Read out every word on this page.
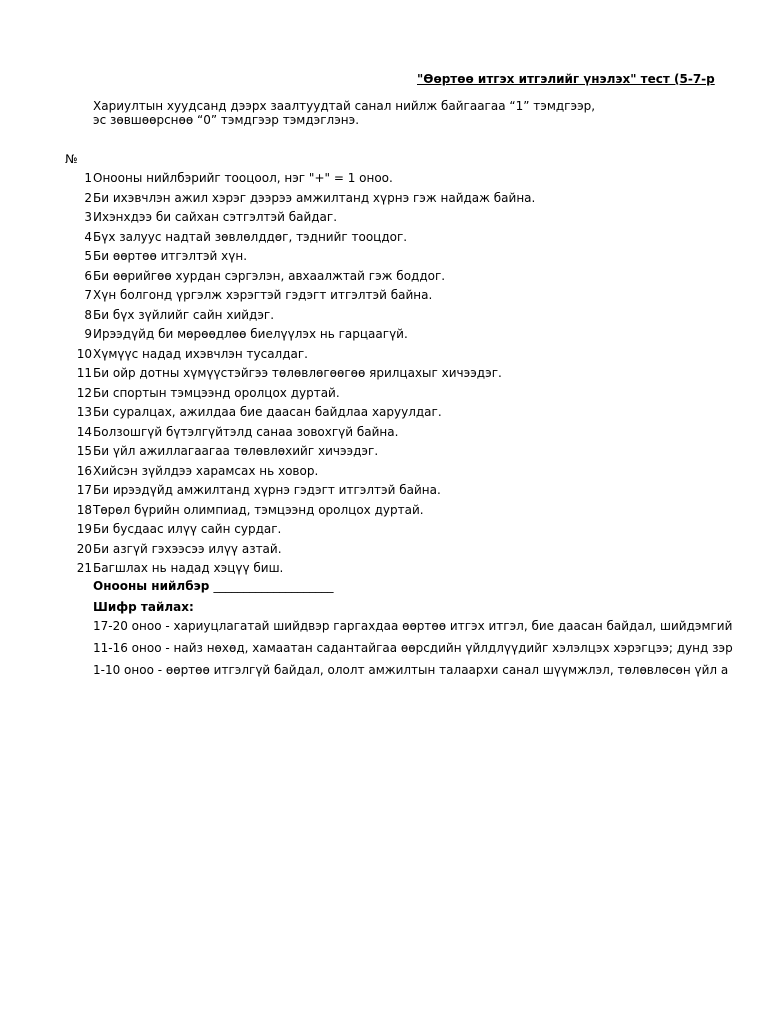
"Өөртөө итгэх итгэлийг үнэлэх" тест (5-7-р
Хариултын хуудсанд дээрх заалтуудтай санал нийлж байгаагаа “1” тэмдгээр,
эс зөвшөөрснөө “0” тэмдгээр тэмдэглэнэ.
№
1 Онооны нийлбэрийг тооцоол, нэг "+" = 1 оноо.
2 Би ихэвчлэн ажил хэрэг дээрээ амжилтанд хүрнэ гэж найдаж байна.
3 Ихэнхдээ би сайхан сэтгэлтэй байдаг.
4 Бүх залуус надтай зөвлөлддөг, тэднийг тооцдог.
5 Би өөртөө итгэлтэй хүн.
6 Би өөрийгөө хурдан сэргэлэн, авхаалжтай гэж боддог.
7 Хүн болгонд үргэлж хэрэгтэй гэдэгт итгэлтэй байна.
8 Би бүх зүйлийг сайн хийдэг.
9 Ирээдүйд би мөрөөдлөө биелүүлэх нь гарцаагүй.
10 Хүмүүс надад ихэвчлэн тусалдаг.
11 Би ойр дотны хүмүүстэйгээ төлөвлөгөөгөө ярилцахыг хичээдэг.
12 Би спортын тэмцээнд оролцох дуртай.
13 Би суралцах, ажилдаа бие даасан байдлаа харуулдаг.
14 Болзошгүй бүтэлгүйтэлд санаа зовохгүй байна.
15 Би үйл ажиллагаагаа төлөвлөхийг хичээдэг.
16 Хийсэн зүйлдээ харамсах нь ховор.
17 Би ирээдүйд амжилтанд хүрнэ гэдэгт итгэлтэй байна.
18 Төрөл бүрийн олимпиад, тэмцээнд оролцох дуртай.
19 Би бусдаас илүү сайн сурдаг.
20 Би азгүй гэхээсээ илүү азтай.
21 Багшлах нь надад хэцүү биш.
Онооны нийлбэр ____________________
Шифр тайлах:
17-20 оноо - хариуцлагатай шийдвэр гаргахдаа өөртөө итгэх итгэл, бие даасан байдал, шийдэмгий
11-16 оноо - найз нөхөд, хамаатан садантайгаа өөрсдийн үйлдлүүдийг хэлэлцэх хэрэгцээ; дунд зэр
1-10 оноо - өөртөө итгэлгүй байдал, ололт амжилтын талаархи санал шүүмжлэл, төлөвлөсөн үйл а
